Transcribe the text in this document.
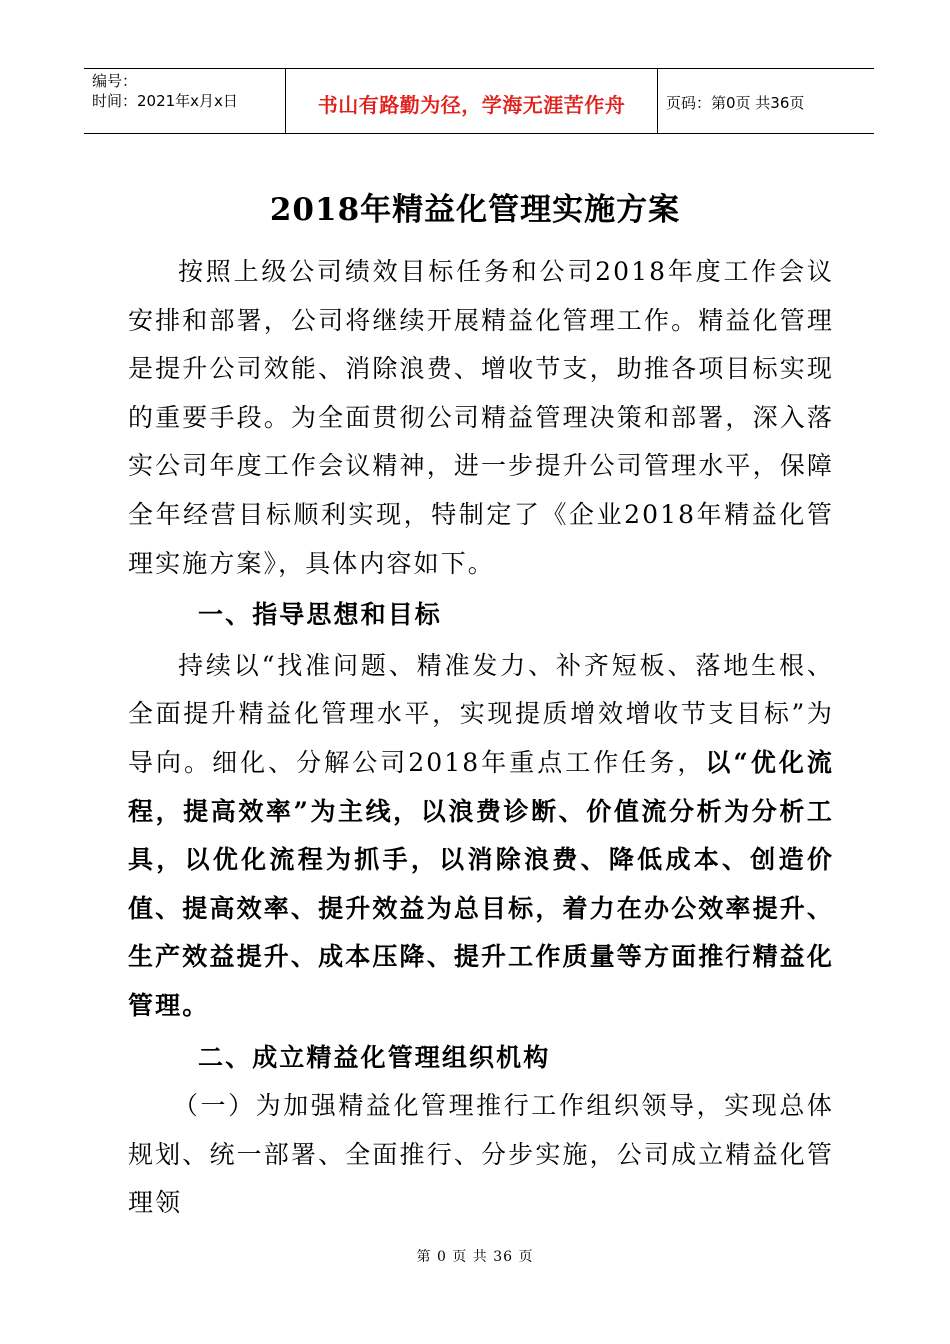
编号：
时间：2021年x月x日	书山有路勤为径，学海无涯苦作舟	页码：第0页 共36页
2018年精益化管理实施方案

按照上级公司绩效目标任务和公司2018年度工作会议安排和部署，公司将继续开展精益化管理工作。精益化管理是提升公司效能、消除浪费、增收节支，助推各项目标实现的重要手段。为全面贯彻公司精益管理决策和部署，深入落实公司年度工作会议精神，进一步提升公司管理水平，保障全年经营目标顺利实现，特制定了《企业2018年精益化管理实施方案》，具体内容如下。

一、指导思想和目标

持续以“找准问题、精准发力、补齐短板、落地生根、全面提升精益化管理水平，实现提质增效增收节支目标”为导向。细化、分解公司2018年重点工作任务，以“优化流程，提高效率”为主线，以浪费诊断、价值流分析为分析工具，以优化流程为抓手，以消除浪费、降低成本、创造价值、提高效率、提升效益为总目标，着力在办公效率提升、生产效益提升、成本压降、提升工作质量等方面推行精益化管理。

二、成立精益化管理组织机构

（一）为加强精益化管理推行工作组织领导，实现总体规划、统一部署、全面推行、分步实施，公司成立精益化管理领

第 0 页 共 36 页
